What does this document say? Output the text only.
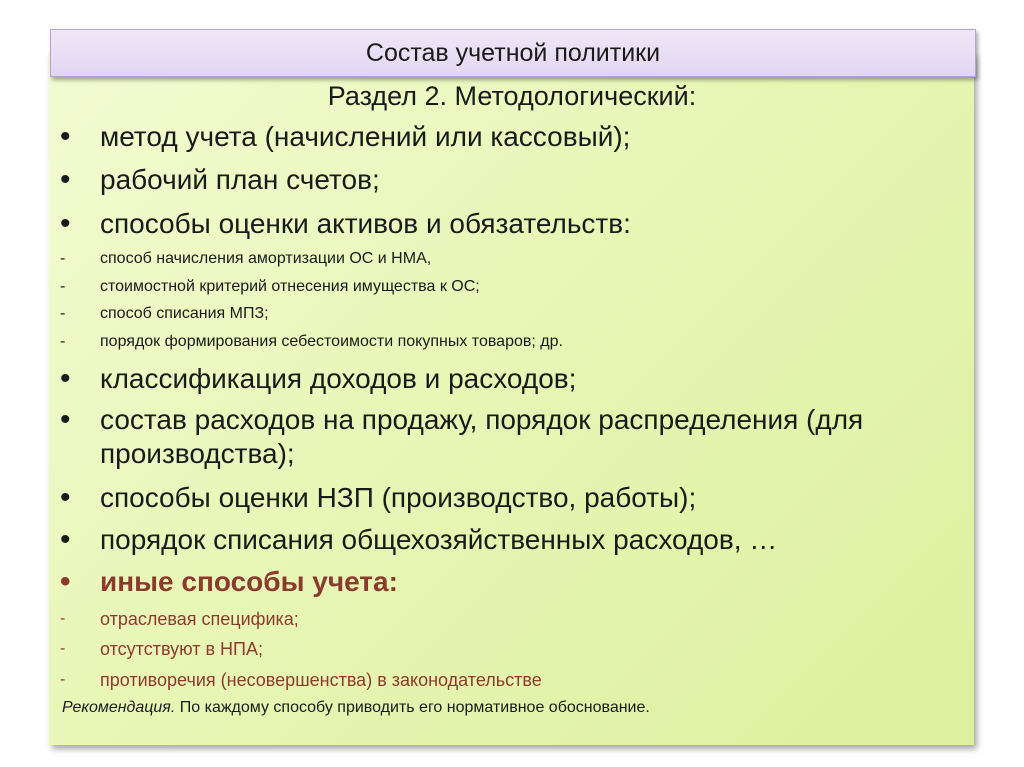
Состав учетной политики
Раздел 2. Методологический:
• метод учета (начислений или кассовый);
• рабочий план счетов;
• способы оценки активов и обязательств:
- способ начисления амортизации ОС и НМА,
- стоимостной критерий отнесения имущества к ОС;
- способ списания МПЗ;
- порядок формирования себестоимости покупных товаров; др.
• классификация доходов и расходов;
• состав расходов на продажу, порядок распределения (для производства);
• способы оценки НЗП (производство, работы);
• порядок списания общехозяйственных расходов, …
• иные способы учета:
- отраслевая специфика;
- отсутствуют в НПА;
- противоречия (несовершенства) в законодательстве
Рекомендация. По каждому способу приводить его нормативное обоснование.
